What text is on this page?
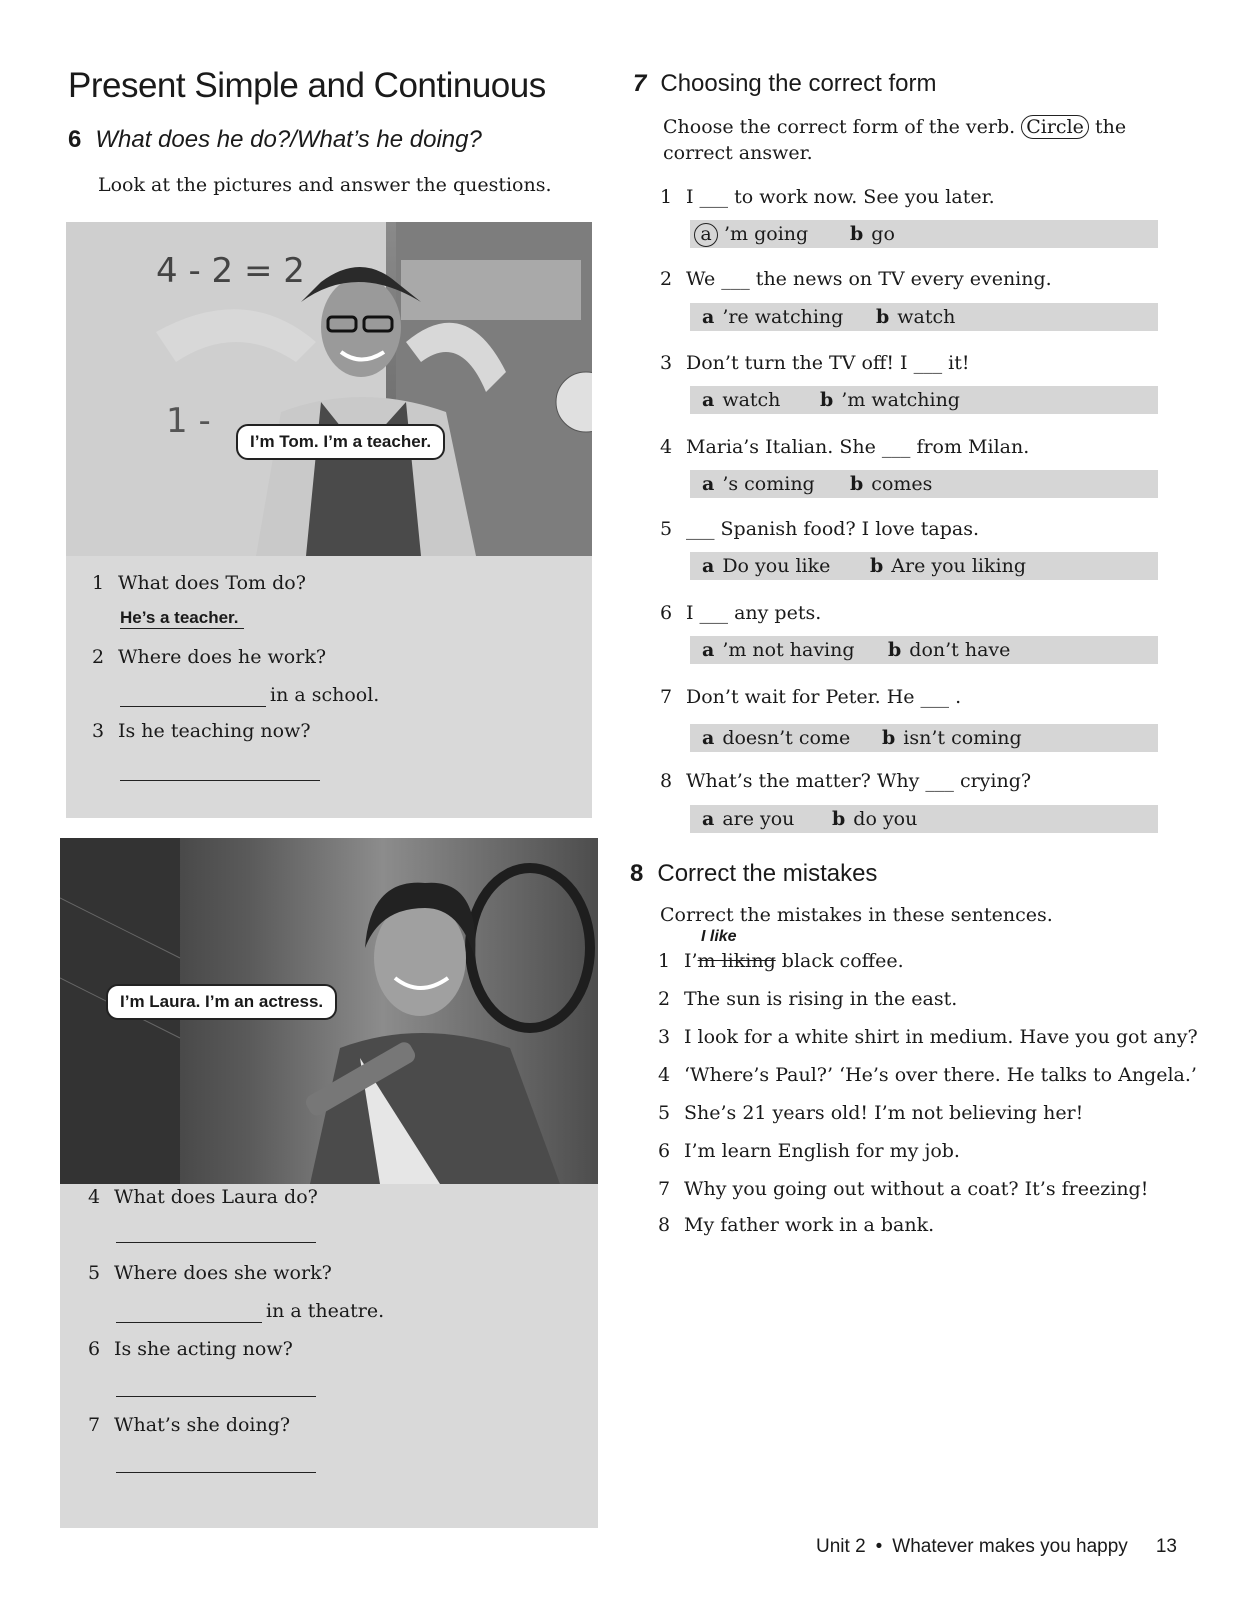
Present Simple and Continuous
6 What does he do?/What’s he doing?
Look at the pictures and answer the questions.
4 - 2 = 2
1 -
I’m Tom. I’m a teacher.
1 What does Tom do?
He’s a teacher.
2 Where does he work?
in a school.
3 Is he teaching now?
I’m Laura. I’m an actress.
4 What does Laura do?
5 Where does she work?
in a theatre.
6 Is she acting now?
7 What’s she doing?
7 Choosing the correct form
Choose the correct form of the verb. Circle the correct answer.
1 I ___ to work now. See you later.
a ’m going b go
2 We ___ the news on TV every evening.
a ’re watching b watch
3 Don’t turn the TV off! I ___ it!
a watch b ’m watching
4 Maria’s Italian. She ___ from Milan.
a ’s coming b comes
5 ___ Spanish food? I love tapas.
a Do you like b Are you liking
6 I ___ any pets.
a ’m not having b don’t have
7 Don’t wait for Peter. He ___ .
a doesn’t come b isn’t coming
8 What’s the matter? Why ___ crying?
a are you b do you
8 Correct the mistakes
Correct the mistakes in these sentences.
I like
1 I’m liking black coffee.
2 The sun is rising in the east.
3 I look for a white shirt in medium. Have you got any?
4 ‘Where’s Paul?’ ‘He’s over there. He talks to Angela.’
5 She’s 21 years old! I’m not believing her!
6 I’m learn English for my job.
7 Why you going out without a coat? It’s freezing!
8 My father work in a bank.
Unit 2 • Whatever makes you happy 13
